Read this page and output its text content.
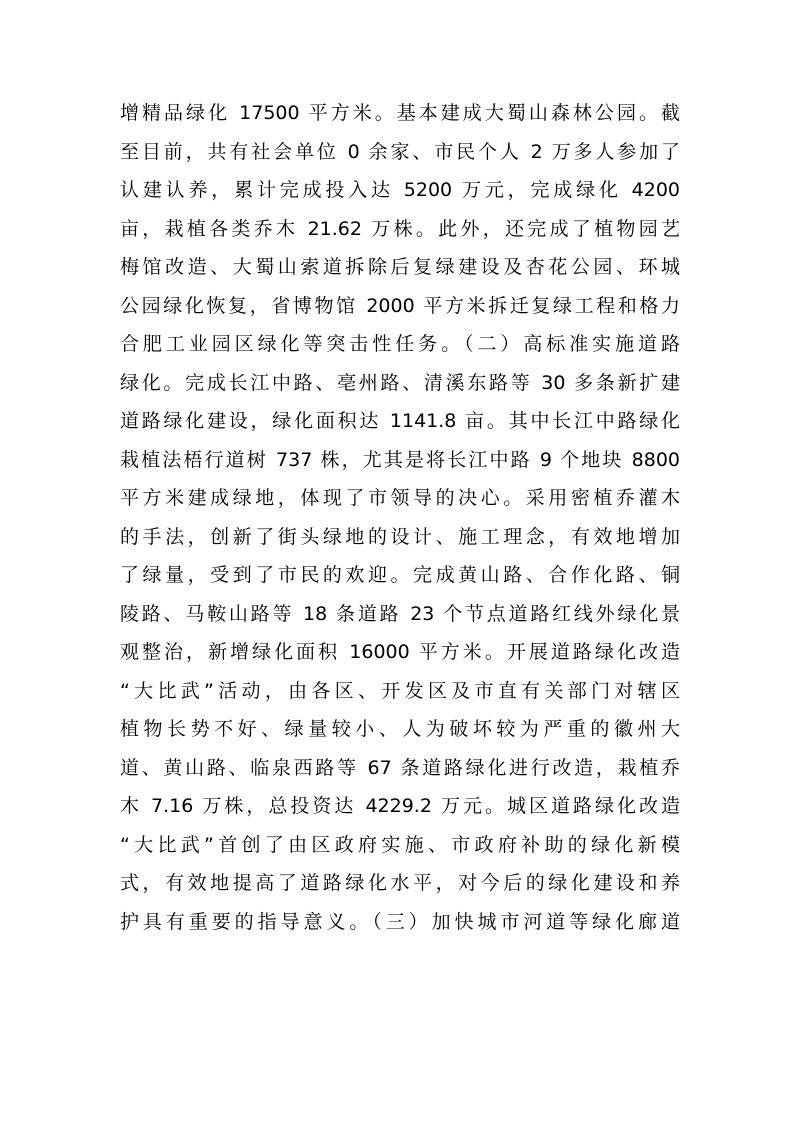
增精品绿化 17500 平方米。基本建成大蜀山森林公园。截
至目前，共有社会单位 0 余家、市民个人 2 万多人参加了
认建认养，累计完成投入达 5200 万元，完成绿化 4200
亩，栽植各类乔木 21.62 万株。此外，还完成了植物园艺
梅馆改造、大蜀山索道拆除后复绿建设及杏花公园、环城
公园绿化恢复，省博物馆 2000 平方米拆迁复绿工程和格力
合肥工业园区绿化等突击性任务。（二）高标准实施道路
绿化。完成长江中路、亳州路、清溪东路等 30 多条新扩建
道路绿化建设，绿化面积达 1141.8 亩。其中长江中路绿化
栽植法梧行道树 737 株，尤其是将长江中路 9 个地块 8800
平方米建成绿地，体现了市领导的决心。采用密植乔灌木
的手法，创新了街头绿地的设计、施工理念，有效地增加
了绿量，受到了市民的欢迎。完成黄山路、合作化路、铜
陵路、马鞍山路等 18 条道路 23 个节点道路红线外绿化景
观整治，新增绿化面积 16000 平方米。开展道路绿化改造
“大比武”活动，由各区、开发区及市直有关部门对辖区
植物长势不好、绿量较小、人为破坏较为严重的徽州大
道、黄山路、临泉西路等 67 条道路绿化进行改造，栽植乔
木 7.16 万株，总投资达 4229.2 万元。城区道路绿化改造
“大比武”首创了由区政府实施、市政府补助的绿化新模
式，有效地提高了道路绿化水平，对今后的绿化建设和养
护具有重要的指导意义。（三）加快城市河道等绿化廊道
